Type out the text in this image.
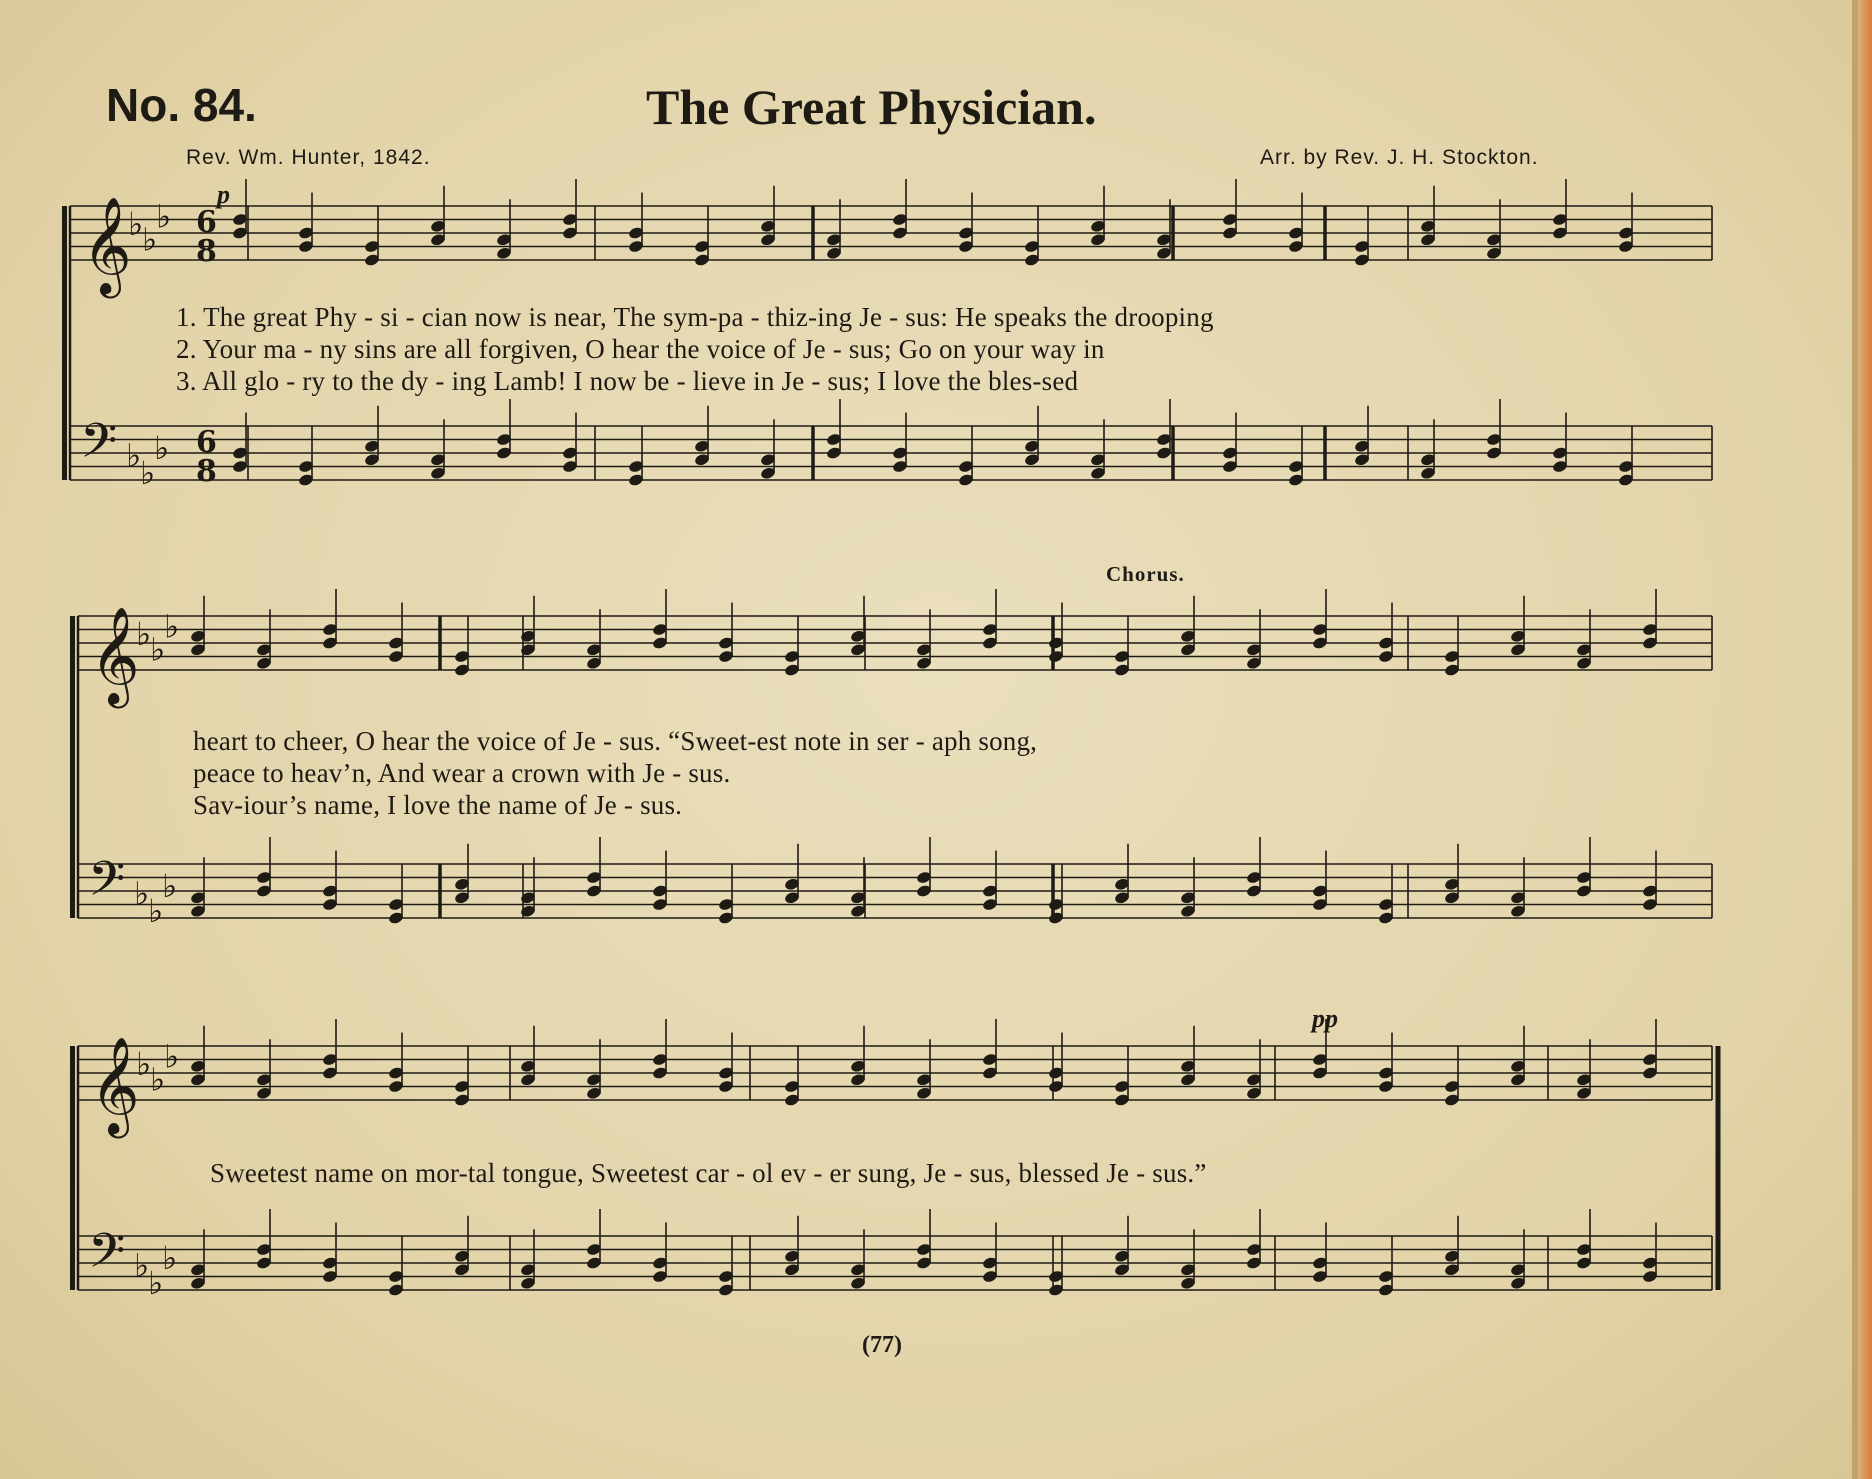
No. 84.	The Great Physician.
Rev. Wm. Hunter, 1842.	Arr. by Rev. J. H. Stockton.
𝄞
𝄢
♭
♭
♭
♭
♭
♭
6
8
6
8
𝄞
𝄢
♭
♭
♭
♭
♭
♭
𝄞
𝄢
♭
♭
♭
♭
♭
♭
p
pp
Chorus.
1. The great Phy - si - cian now is near, The sym-pa - thiz-ing Je - sus: He speaks the drooping
2. Your ma - ny sins are all forgiven, O hear the voice of Je - sus; Go on your way in
3. All glo - ry to the dy - ing Lamb! I now be - lieve in Je - sus; I love the bles-sed
heart to cheer, O hear the voice of Je - sus. “Sweet-est note in ser - aph song,
peace to heav’n, And wear a crown with Je - sus.
Sav-iour’s name, I love the name of Je - sus.
Sweetest name on mor-tal tongue, Sweetest car - ol ev - er sung, Je - sus, blessed Je - sus.”
(77)
